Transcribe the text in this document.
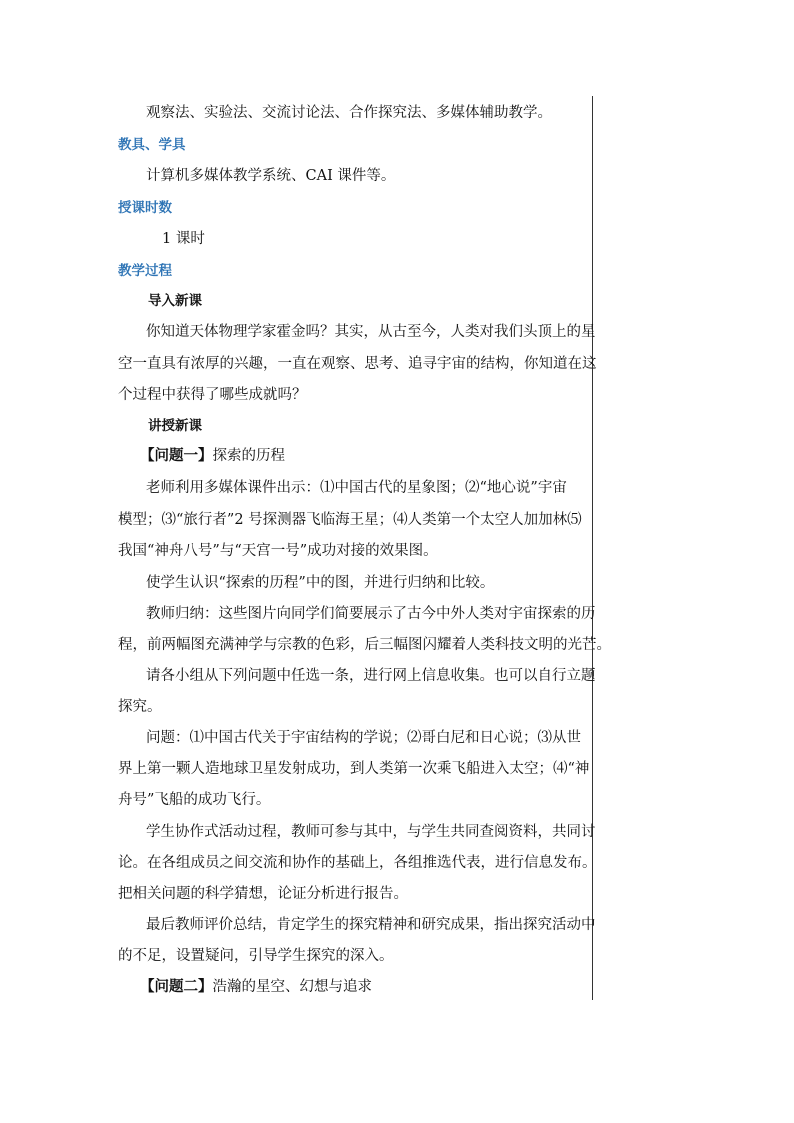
观察法、实验法、交流讨论法、合作探究法、多媒体辅助教学。
教具、学具
计算机多媒体教学系统、CAI 课件等。
授课时数
1 课时
教学过程
导入新课
你知道天体物理学家霍金吗？其实，从古至今，人类对我们头顶上的星
空一直具有浓厚的兴趣，一直在观察、思考、追寻宇宙的结构，你知道在这
个过程中获得了哪些成就吗？
讲授新课
【问题一】探索的历程
老师利用多媒体课件出示：⑴中国古代的星象图；⑵“地心说”宇宙
模型；⑶“旅行者”2 号探测器飞临海王星；⑷人类第一个太空人加加林⑸
我国“神舟八号”与“天宫一号”成功对接的效果图。
使学生认识“探索的历程”中的图，并进行归纳和比较。
教师归纳：这些图片向同学们简要展示了古今中外人类对宇宙探索的历
程，前两幅图充满神学与宗教的色彩，后三幅图闪耀着人类科技文明的光芒。
请各小组从下列问题中任选一条，进行网上信息收集。也可以自行立题
探究。
问题：⑴中国古代关于宇宙结构的学说；⑵哥白尼和日心说；⑶从世
界上第一颗人造地球卫星发射成功，到人类第一次乘飞船进入太空；⑷“神
舟号”飞船的成功飞行。
学生协作式活动过程，教师可参与其中，与学生共同查阅资料，共同讨
论。在各组成员之间交流和协作的基础上，各组推选代表，进行信息发布。
把相关问题的科学猜想，论证分析进行报告。
最后教师评价总结，肯定学生的探究精神和研究成果，指出探究活动中
的不足，设置疑问，引导学生探究的深入。
【问题二】浩瀚的星空、幻想与追求
